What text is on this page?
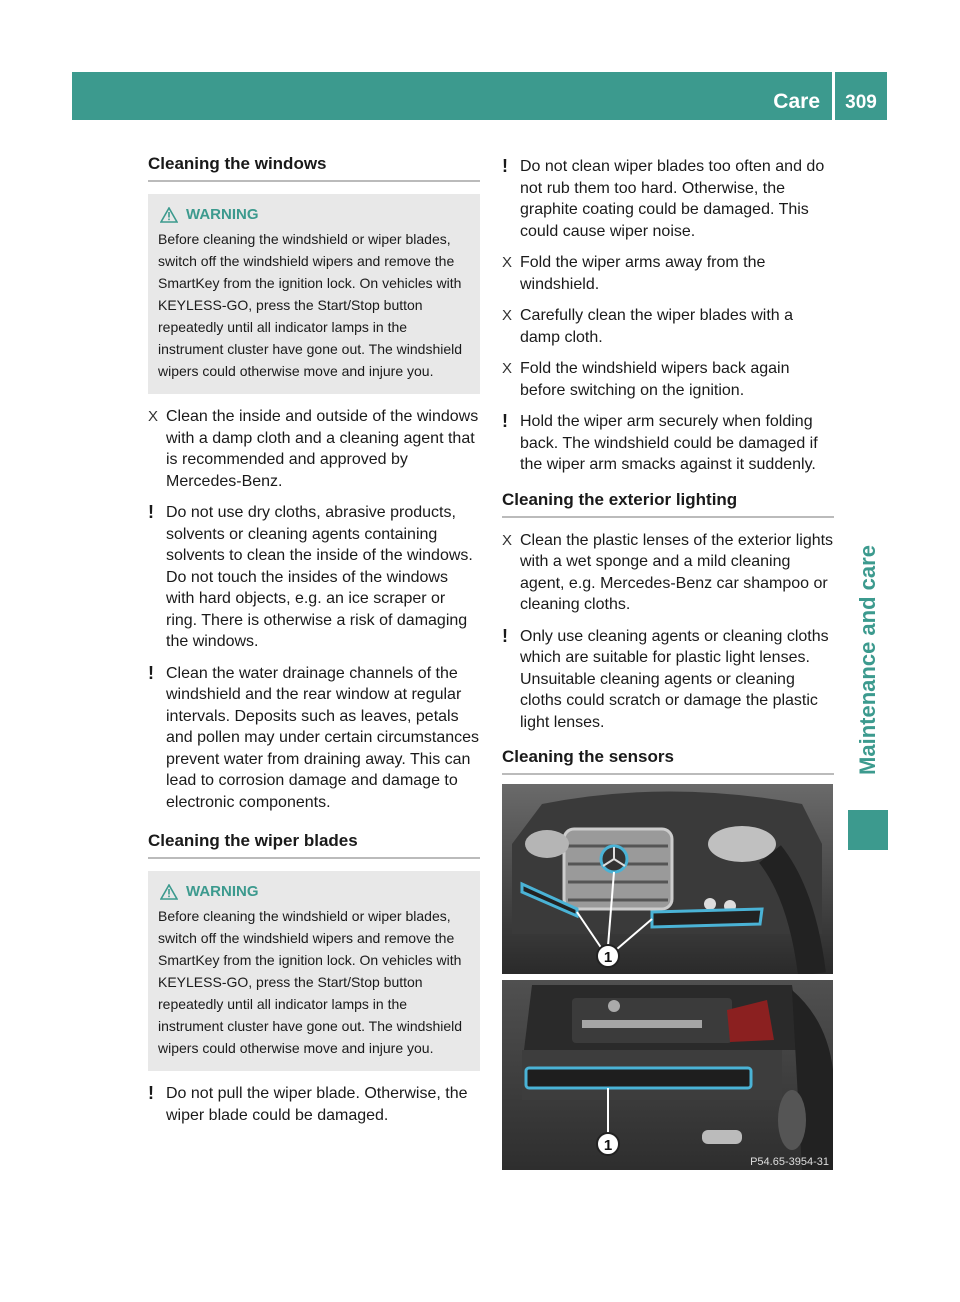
Care	309
Maintenance and care
Cleaning the windows
WARNING
Before cleaning the windshield or wiper blades, switch off the windshield wipers and remove the SmartKey from the ignition lock. On vehicles with KEYLESS-GO, press the Start/Stop button repeatedly until all indicator lamps in the instrument cluster have gone out. The windshield wipers could otherwise move and injure you.
X Clean the inside and outside of the windows with a damp cloth and a cleaning agent that is recommended and approved by Mercedes-Benz.
! Do not use dry cloths, abrasive products, solvents or cleaning agents containing solvents to clean the inside of the windows. Do not touch the insides of the windows with hard objects, e.g. an ice scraper or ring. There is otherwise a risk of damaging the windows.
! Clean the water drainage channels of the windshield and the rear window at regular intervals. Deposits such as leaves, petals and pollen may under certain circumstances prevent water from draining away. This can lead to corrosion damage and damage to electronic components.
Cleaning the wiper blades
WARNING
Before cleaning the windshield or wiper blades, switch off the windshield wipers and remove the SmartKey from the ignition lock. On vehicles with KEYLESS-GO, press the Start/Stop button repeatedly until all indicator lamps in the instrument cluster have gone out. The windshield wipers could otherwise move and injure you.
! Do not pull the wiper blade. Otherwise, the wiper blade could be damaged.
! Do not clean wiper blades too often and do not rub them too hard. Otherwise, the graphite coating could be damaged. This could cause wiper noise.
X Fold the wiper arms away from the windshield.
X Carefully clean the wiper blades with a damp cloth.
X Fold the windshield wipers back again before switching on the ignition.
! Hold the wiper arm securely when folding back. The windshield could be damaged if the wiper arm smacks against it suddenly.
Cleaning the exterior lighting
X Clean the plastic lenses of the exterior lights with a wet sponge and a mild cleaning agent, e.g. Mercedes-Benz car shampoo or cleaning cloths.
! Only use cleaning agents or cleaning cloths which are suitable for plastic light lenses. Unsuitable cleaning agents or cleaning cloths could scratch or damage the plastic light lenses.
Cleaning the sensors
1
1
P54.65-3954-31
